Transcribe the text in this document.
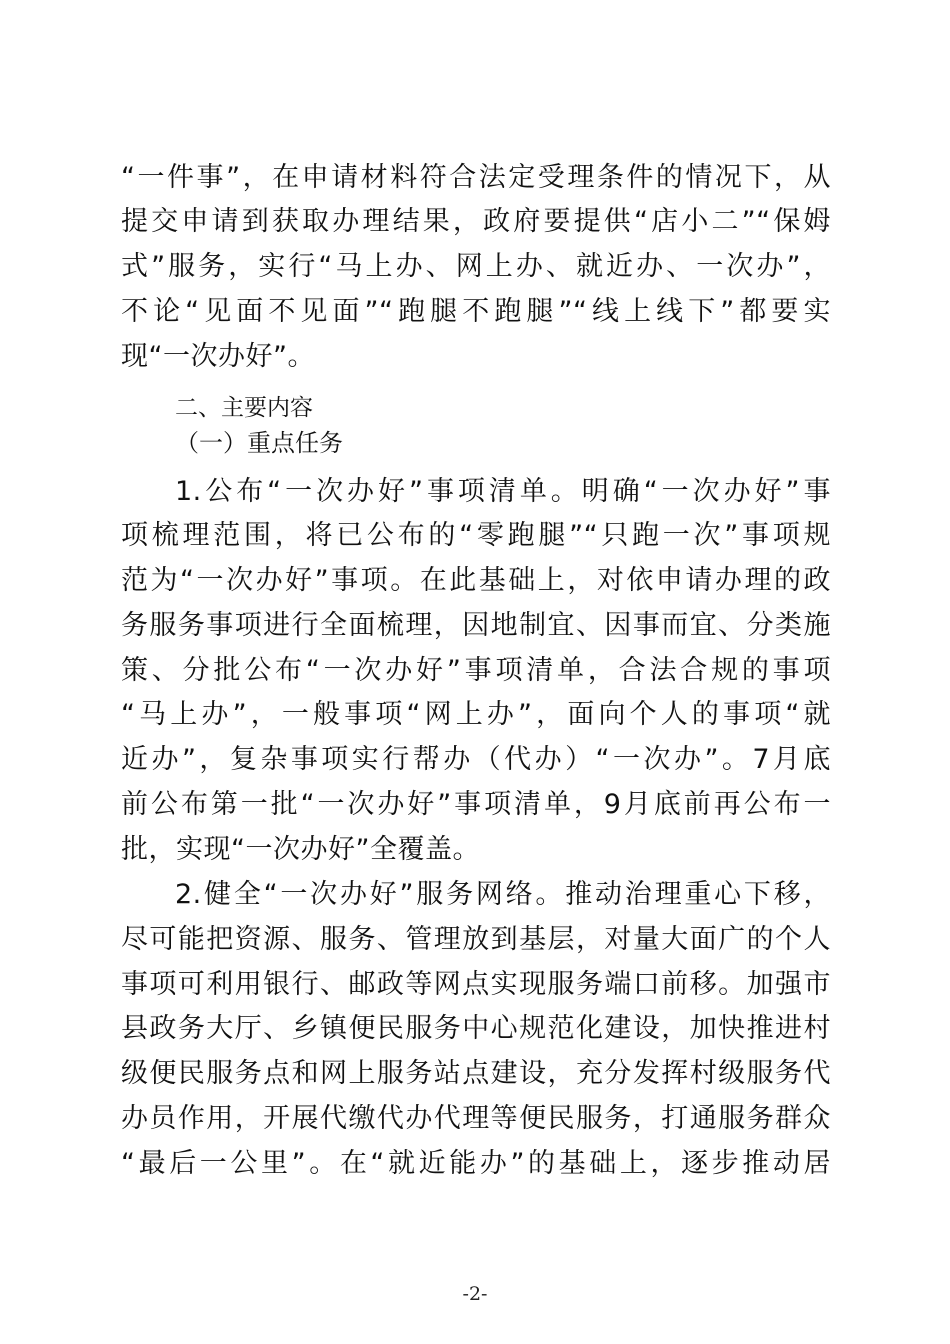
“一件事”，在申请材料符合法定受理条件的情况下，从
提交申请到获取办理结果，政府要提供“店小二”“保姆
式”服务，实行“马上办、网上办、就近办、一次办”，
不论“见面不见面”“跑腿不跑腿”“线上线下”都要实
现“一次办好”。
二、主要内容
（一）重点任务
1.公布“一次办好”事项清单。明确“一次办好”事
项梳理范围，将已公布的“零跑腿”“只跑一次”事项规
范为“一次办好”事项。在此基础上，对依申请办理的政
务服务事项进行全面梳理，因地制宜、因事而宜、分类施
策、分批公布“一次办好”事项清单，合法合规的事项
“马上办”，一般事项“网上办”，面向个人的事项“就
近办”，复杂事项实行帮办（代办）“一次办”。7月底
前公布第一批“一次办好”事项清单，9月底前再公布一
批，实现“一次办好”全覆盖。
2.健全“一次办好”服务网络。推动治理重心下移，
尽可能把资源、服务、管理放到基层，对量大面广的个人
事项可利用银行、邮政等网点实现服务端口前移。加强市
县政务大厅、乡镇便民服务中心规范化建设，加快推进村
级便民服务点和网上服务站点建设，充分发挥村级服务代
办员作用，开展代缴代办代理等便民服务，打通服务群众
“最后一公里”。在“就近能办”的基础上，逐步推动居
-2-
